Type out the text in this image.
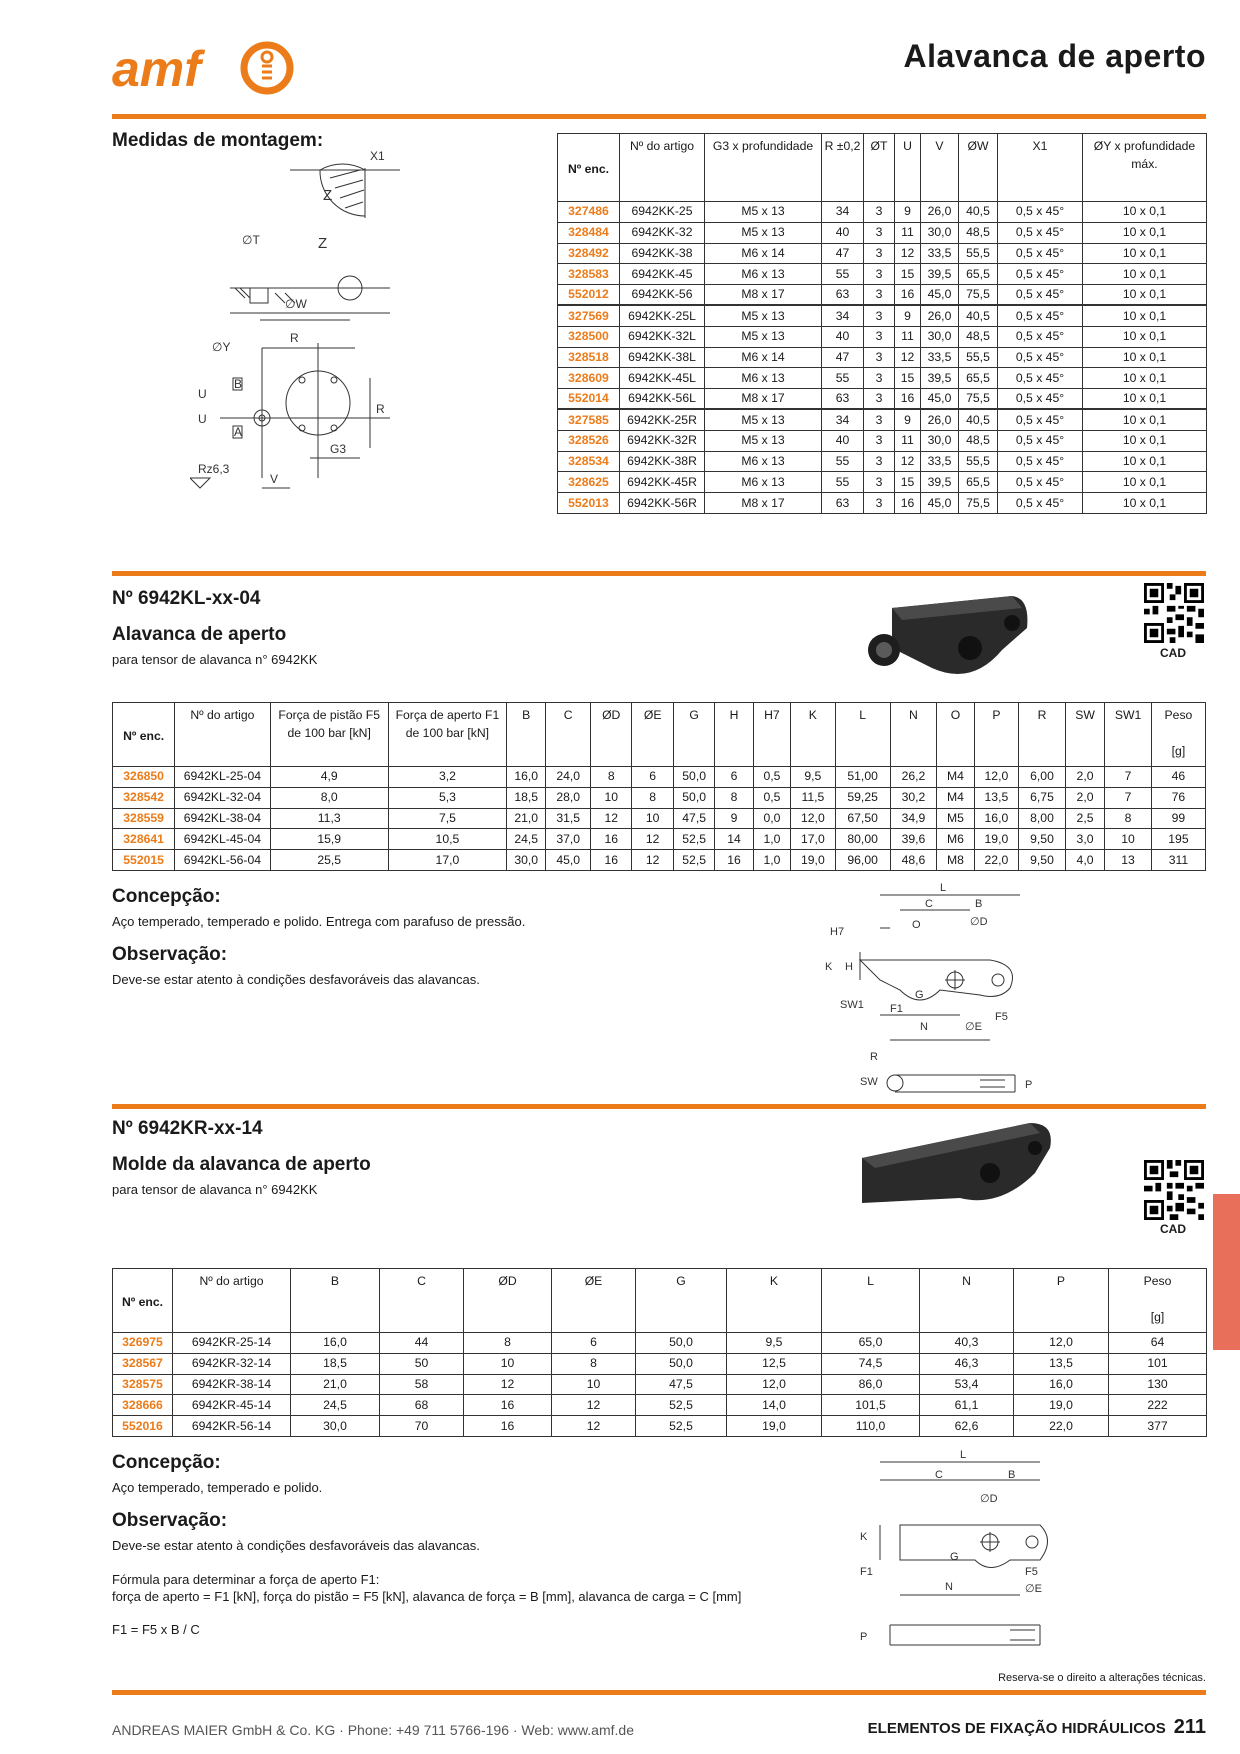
amf	Alavanca de aperto
Medidas de montagem:
Z
X1
Z
∅T
∅W
∅Y
R
B
A
U
U
R
Rz6,3
V
G3
Nº enc.	Nº do artigo	G3 x profundidade	R ±0,2	ØT	U	V	ØW	X1	ØY x profundidade máx.
327486	6942KK-25	M5 x 13	34	3	9	26,0	40,5	0,5 x 45°	10 x 0,1
328484	6942KK-32	M5 x 13	40	3	11	30,0	48,5	0,5 x 45°	10 x 0,1
328492	6942KK-38	M6 x 14	47	3	12	33,5	55,5	0,5 x 45°	10 x 0,1
328583	6942KK-45	M6 x 13	55	3	15	39,5	65,5	0,5 x 45°	10 x 0,1
552012	6942KK-56	M8 x 17	63	3	16	45,0	75,5	0,5 x 45°	10 x 0,1
327569	6942KK-25L	M5 x 13	34	3	9	26,0	40,5	0,5 x 45°	10 x 0,1
328500	6942KK-32L	M5 x 13	40	3	11	30,0	48,5	0,5 x 45°	10 x 0,1
328518	6942KK-38L	M6 x 14	47	3	12	33,5	55,5	0,5 x 45°	10 x 0,1
328609	6942KK-45L	M6 x 13	55	3	15	39,5	65,5	0,5 x 45°	10 x 0,1
552014	6942KK-56L	M8 x 17	63	3	16	45,0	75,5	0,5 x 45°	10 x 0,1
327585	6942KK-25R	M5 x 13	34	3	9	26,0	40,5	0,5 x 45°	10 x 0,1
328526	6942KK-32R	M5 x 13	40	3	11	30,0	48,5	0,5 x 45°	10 x 0,1
328534	6942KK-38R	M6 x 13	55	3	12	33,5	55,5	0,5 x 45°	10 x 0,1
328625	6942KK-45R	M6 x 13	55	3	15	39,5	65,5	0,5 x 45°	10 x 0,1
552013	6942KK-56R	M8 x 17	63	3	16	45,0	75,5	0,5 x 45°	10 x 0,1
Nº 6942KL-xx-04
Alavanca de aperto
para tensor de alavanca n° 6942KK	CAD
Nº enc.	Nº do artigo	Força de pistão F5 de 100 bar [kN]	Força de aperto F1 de 100 bar [kN]	B	C	ØD	ØE	G	H	H7	K	L	N	O	P	R	SW	SW1	Peso

[g]
326850	6942KL-25-04	4,9	3,2	16,0	24,0	8	6	50,0	6	0,5	9,5	51,00	26,2	M4	12,0	6,00	2,0	7	46
328542	6942KL-32-04	8,0	5,3	18,5	28,0	10	8	50,0	8	0,5	11,5	59,25	30,2	M4	13,5	6,75	2,0	7	76
328559	6942KL-38-04	11,3	7,5	21,0	31,5	12	10	47,5	9	0,0	12,0	67,50	34,9	M5	16,0	8,00	2,5	8	99
328641	6942KL-45-04	15,9	10,5	24,5	37,0	16	12	52,5	14	1,0	17,0	80,00	39,6	M6	19,0	9,50	3,0	10	195
552015	6942KL-56-04	25,5	17,0	30,0	45,0	16	12	52,5	16	1,0	19,0	96,00	48,6	M8	22,0	9,50	4,0	13	311
Concepção:
Aço temperado, temperado e polido. Entrega com parafuso de pressão.
Observação:
Deve-se estar atento à condições desfavoráveis das alavancas.
L
C	B
O	∅D
H7
K H
G
SW1 F1
N	∅E
F5
R
SW	P
Nº 6942KR-xx-14
Molde da alavanca de aperto
para tensor de alavanca n° 6942KK
CAD
Nº enc.	Nº do artigo	B	C	ØD	ØE	G	K	L	N	P	Peso

[g]
326975	6942KR-25-14	16,0	44	8	6	50,0	9,5	65,0	40,3	12,0	64
328567	6942KR-32-14	18,5	50	10	8	50,0	12,5	74,5	46,3	13,5	101
328575	6942KR-38-14	21,0	58	12	10	47,5	12,0	86,0	53,4	16,0	130
328666	6942KR-45-14	24,5	68	16	12	52,5	14,0	101,5	61,1	19,0	222
552016	6942KR-56-14	30,0	70	16	12	52,5	19,0	110,0	62,6	22,0	377
Concepção:
Aço temperado, temperado e polido.
Observação:
Deve-se estar atento à condições desfavoráveis das alavancas.
Fórmula para determinar a força de aperto F1:
força de aperto = F1 [kN], força do pistão = F5 [kN], alavanca de força = B [mm], alavanca de carga = C [mm]
F1 = F5 x B / C
L
C	B
∅D
K
G
F1	F5
N	∅E
P
Reserva-se o direito a alterações técnicas.
ANDREAS MAIER GmbH & Co. KG · Phone: +49 711 5766-196 · Web: www.amf.de	ELEMENTOS DE FIXAÇÃO HIDRÁULICOS 211
